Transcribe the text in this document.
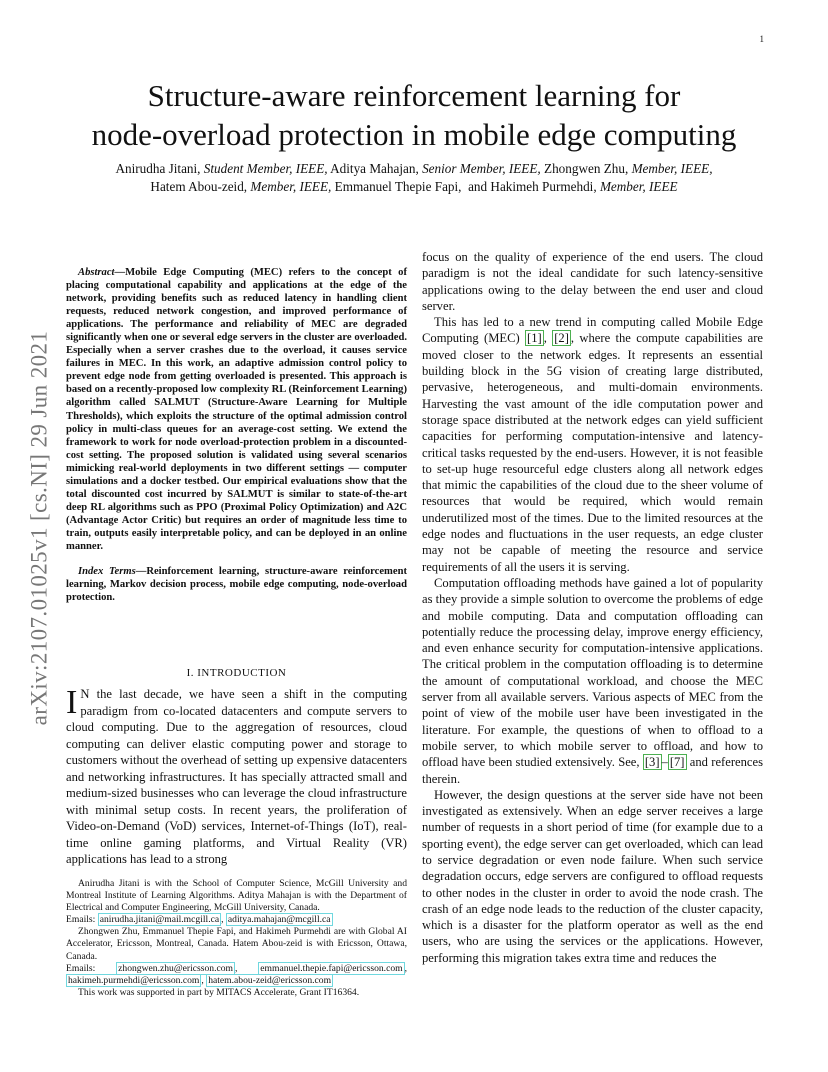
1
arXiv:2107.01025v1 [cs.NI] 29 Jun 2021
Structure-aware reinforcement learning for
node-overload protection in mobile edge computing
Anirudha Jitani, Student Member, IEEE, Aditya Mahajan, Senior Member, IEEE, Zhongwen Zhu, Member, IEEE,
Hatem Abou-zeid, Member, IEEE, Emmanuel Thepie Fapi, and Hakimeh Purmehdi, Member, IEEE

Abstract—Mobile Edge Computing (MEC) refers to the concept of placing computational capability and applications at the edge of the network, providing benefits such as reduced latency in handling client requests, reduced network congestion, and improved performance of applications. The performance and reliability of MEC are degraded significantly when one or several edge servers in the cluster are overloaded. Especially when a server crashes due to the overload, it causes service failures in MEC. In this work, an adaptive admission control policy to prevent edge node from getting overloaded is presented. This approach is based on a recently-proposed low complexity RL (Reinforcement Learning) algorithm called SALMUT (Structure-Aware Learning for Multiple Thresholds), which exploits the structure of the optimal admission control policy in multi-class queues for an average-cost setting. We extend the framework to work for node overload-protection problem in a discounted-cost setting. The proposed solution is validated using several scenarios mimicking real-world deployments in two different settings — computer simulations and a docker testbed. Our empirical evaluations show that the total discounted cost incurred by SALMUT is similar to state-of-the-art deep RL algorithms such as PPO (Proximal Policy Optimization) and A2C (Advantage Actor Critic) but requires an order of magnitude less time to train, outputs easily interpretable policy, and can be deployed in an online manner.

Index Terms—Reinforcement learning, structure-aware reinforcement learning, Markov decision process, mobile edge computing, node-overload protection.

I. INTRODUCTION

I N the last decade, we have seen a shift in the computing paradigm from co-located datacenters and compute servers to cloud computing. Due to the aggregation of resources, cloud computing can deliver elastic computing power and storage to customers without the overhead of setting up expensive datacenters and networking infrastructures. It has specially attracted small and medium-sized businesses who can leverage the cloud infrastructure with minimal setup costs. In recent years, the proliferation of Video-on-Demand (VoD) services, Internet-of-Things (IoT), real-time online gaming platforms, and Virtual Reality (VR) applications has lead to a strong

Anirudha Jitani is with the School of Computer Science, McGill University and Montreal Institute of Learning Algorithms. Aditya Mahajan is with the Department of Electrical and Computer Engineering, McGill University, Canada.

Emails: anirudha.jitani@mail.mcgill.ca , aditya.mahajan@mcgill.ca

Zhongwen Zhu, Emmanuel Thepie Fapi, and Hakimeh Purmehdi are with Global AI Accelerator, Ericsson, Montreal, Canada. Hatem Abou-zeid is with Ericsson, Ottawa, Canada.

Emails: zhongwen.zhu@ericsson.com , emmanuel.thepie.fapi@ericsson.com , hakimeh.purmehdi@ericsson.com , hatem.abou-zeid@ericsson.com

This work was supported in part by MITACS Accelerate, Grant IT16364.

focus on the quality of experience of the end users. The cloud paradigm is not the ideal candidate for such latency-sensitive applications owing to the delay between the end user and cloud server.

This has led to a new trend in computing called Mobile Edge Computing (MEC) [1] , [2] , where the compute capabilities are moved closer to the network edges. It represents an essential building block in the 5G vision of creating large distributed, pervasive, heterogeneous, and multi-domain environments. Harvesting the vast amount of the idle computation power and storage space distributed at the network edges can yield sufficient capacities for performing computation-intensive and latency-critical tasks requested by the end-users. However, it is not feasible to set-up huge resourceful edge clusters along all network edges that mimic the capabilities of the cloud due to the sheer volume of resources that would be required, which would remain underutilized most of the times. Due to the limited resources at the edge nodes and fluctuations in the user requests, an edge cluster may not be capable of meeting the resource and service requirements of all the users it is serving.

Computation offloading methods have gained a lot of popularity as they provide a simple solution to overcome the problems of edge and mobile computing. Data and computation offloading can potentially reduce the processing delay, improve energy efficiency, and even enhance security for computation-intensive applications. The critical problem in the computation offloading is to determine the amount of computational workload, and choose the MEC server from all available servers. Various aspects of MEC from the point of view of the mobile user have been investigated in the literature. For example, the questions of when to offload to a mobile server, to which mobile server to offload, and how to offload have been studied extensively. See, [3] – [7] and references therein.

However, the design questions at the server side have not been investigated as extensively. When an edge server receives a large number of requests in a short period of time (for example due to a sporting event), the edge server can get overloaded, which can lead to service degradation or even node failure. When such service degradation occurs, edge servers are configured to offload requests to other nodes in the cluster in order to avoid the node crash. The crash of an edge node leads to the reduction of the cluster capacity, which is a disaster for the platform operator as well as the end users, who are using the services or the applications. However, performing this migration takes extra time and reduces the
